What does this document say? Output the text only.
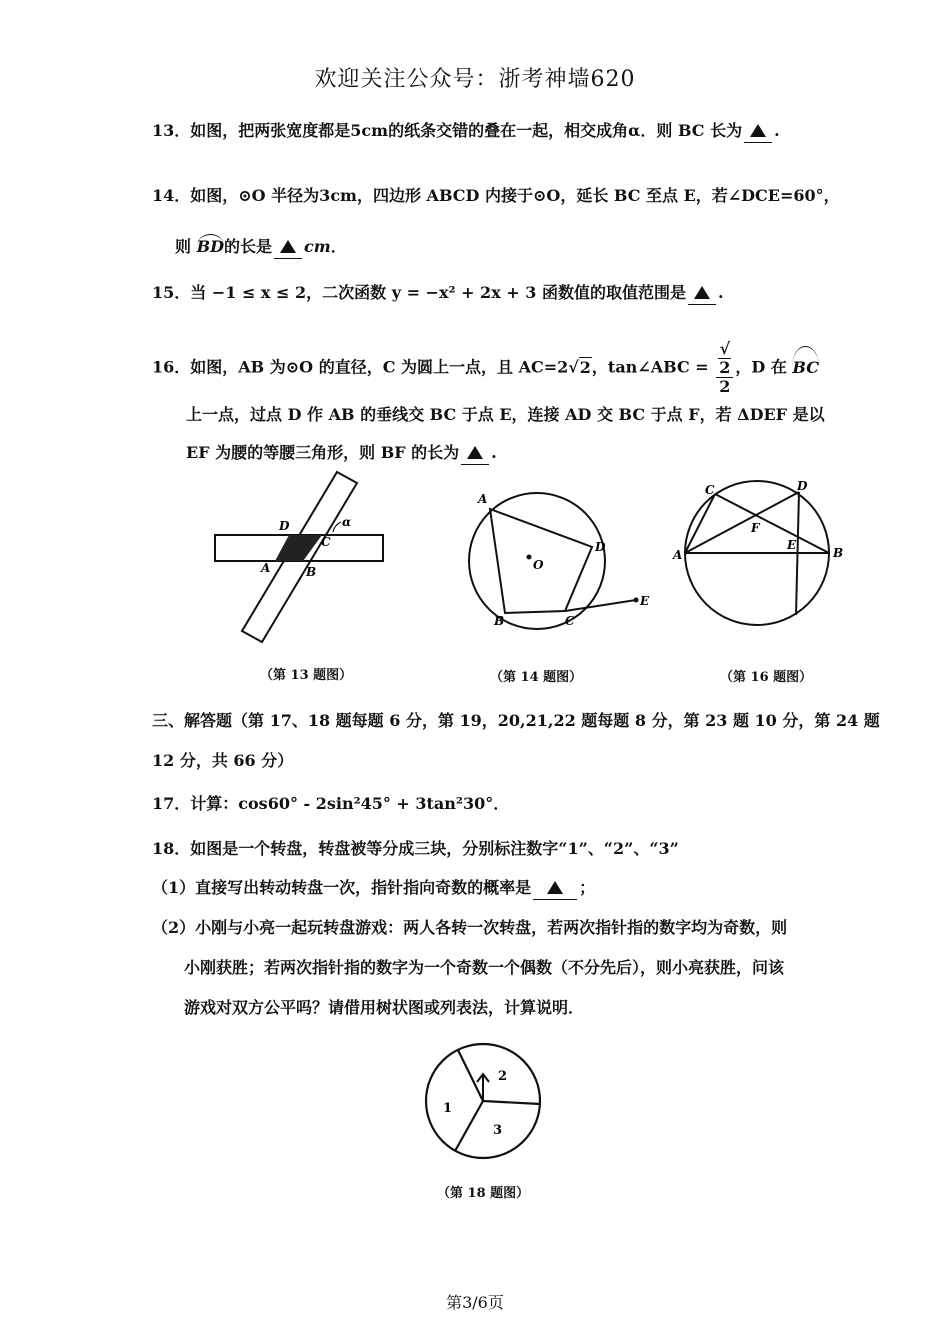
欢迎关注公众号：浙考神墙620
13．如图，把两张宽度都是5cm的纸条交错的叠在一起，相交成角α．则 BC 长为 .
14．如图，⊙O 半径为3cm，四边形 ABCD 内接于⊙O，延长 BC 至点 E，若∠DCE=60°，
则 BD的长是 cm．
15．当 −1 ≤ x ≤ 2，二次函数 y = −x² + 2x + 3 函数值的取值范围是 .
16．如图，AB 为⊙O 的直径，C 为圆上一点，且 AC=2√2，tan∠ABC = √
2
2 ，D 在 BC
上一点，过点 D 作 AB 的垂线交 BC 于点 E，连接 AD 交 BC 于点 F，若 ΔDEF 是以
EF 为腰的等腰三角形，则 BF 的长为 .
D
C
α
A	B
（第 13 题图）
A
D
O
B	C
E
（第 14 题图）
C	D
F
A
E
B
（第 16 题图）
三、解答题（第 17、18 题每题 6 分，第 19，20,21,22 题每题 8 分，第 23 题 10 分，第 24 题
12 分，共 66 分）
17．计算：cos60° - 2sin²45° + 3tan²30°．
18．如图是一个转盘，转盘被等分成三块，分别标注数字“1”、“2”、“3”
（1）直接写出转动转盘一次，指针指向奇数的概率是	；
（2）小刚与小亮一起玩转盘游戏：两人各转一次转盘，若两次指针指的数字均为奇数，则
小刚获胜；若两次指针指的数字为一个奇数一个偶数（不分先后），则小亮获胜，问该
游戏对双方公平吗？请借用树状图或列表法，计算说明．
1
2
3
（第 18 题图）
第3/6页
